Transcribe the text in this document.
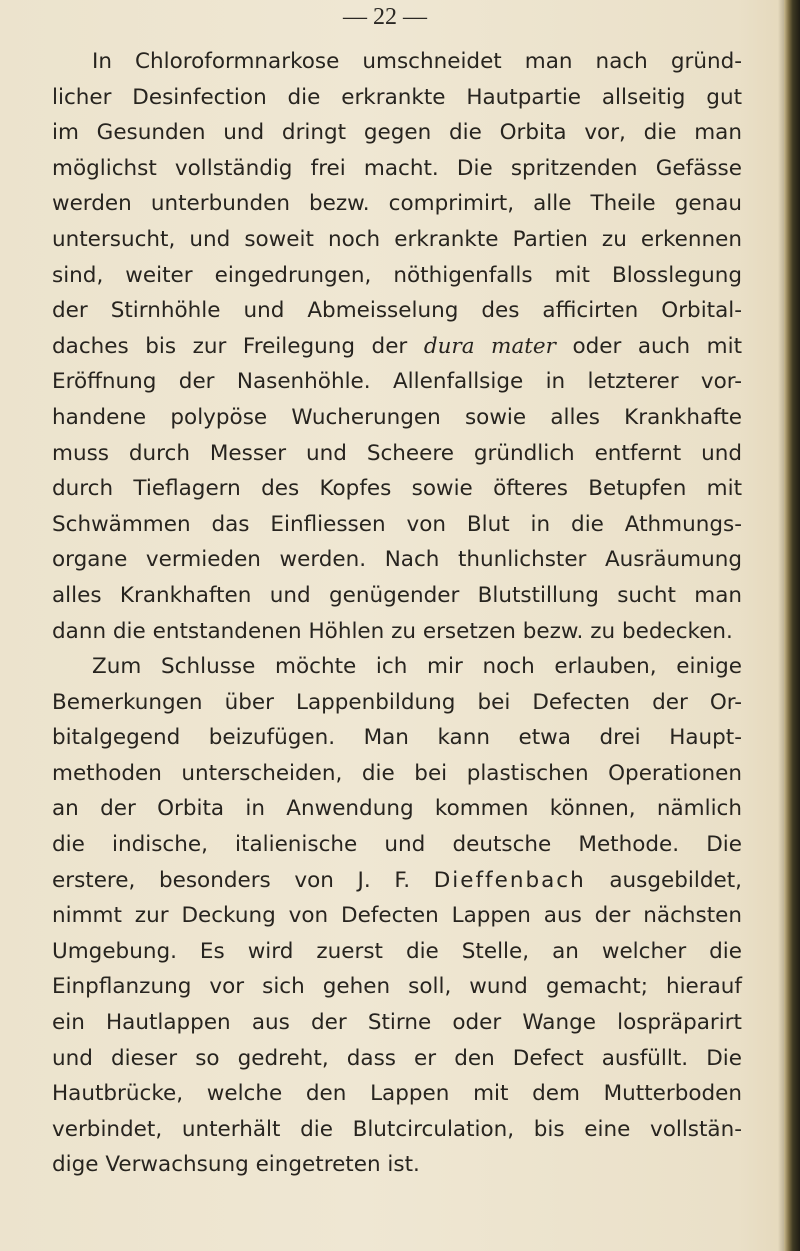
— 22 —
In Chloroformnarkose umschneidet man nach gründ-
licher Desinfection die erkrankte Hautpartie allseitig gut
im Gesunden und dringt gegen die Orbita vor, die man
möglichst vollständig frei macht. Die spritzenden Gefässe
werden unterbunden bezw. comprimirt, alle Theile genau
untersucht, und soweit noch erkrankte Partien zu erkennen
sind, weiter eingedrungen, nöthigenfalls mit Blosslegung
der Stirnhöhle und Abmeisselung des afficirten Orbital-
daches bis zur Freilegung der dura mater oder auch mit
Eröffnung der Nasenhöhle. Allenfallsige in letzterer vor-
handene polypöse Wucherungen sowie alles Krankhafte
muss durch Messer und Scheere gründlich entfernt und
durch Tieflagern des Kopfes sowie öfteres Betupfen mit
Schwämmen das Einfliessen von Blut in die Athmungs-
organe vermieden werden. Nach thunlichster Ausräumung
alles Krankhaften und genügender Blutstillung sucht man
dann die entstandenen Höhlen zu ersetzen bezw. zu bedecken.
Zum Schlusse möchte ich mir noch erlauben, einige
Bemerkungen über Lappenbildung bei Defecten der Or-
bitalgegend beizufügen. Man kann etwa drei Haupt-
methoden unterscheiden, die bei plastischen Operationen
an der Orbita in Anwendung kommen können, nämlich
die indische, italienische und deutsche Methode. Die
erstere, besonders von J. F. Dieffenbach ausgebildet,
nimmt zur Deckung von Defecten Lappen aus der nächsten
Umgebung. Es wird zuerst die Stelle, an welcher die
Einpflanzung vor sich gehen soll, wund gemacht; hierauf
ein Hautlappen aus der Stirne oder Wange lospräparirt
und dieser so gedreht, dass er den Defect ausfüllt. Die
Hautbrücke, welche den Lappen mit dem Mutterboden
verbindet, unterhält die Blutcirculation, bis eine vollstän-
dige Verwachsung eingetreten ist.
